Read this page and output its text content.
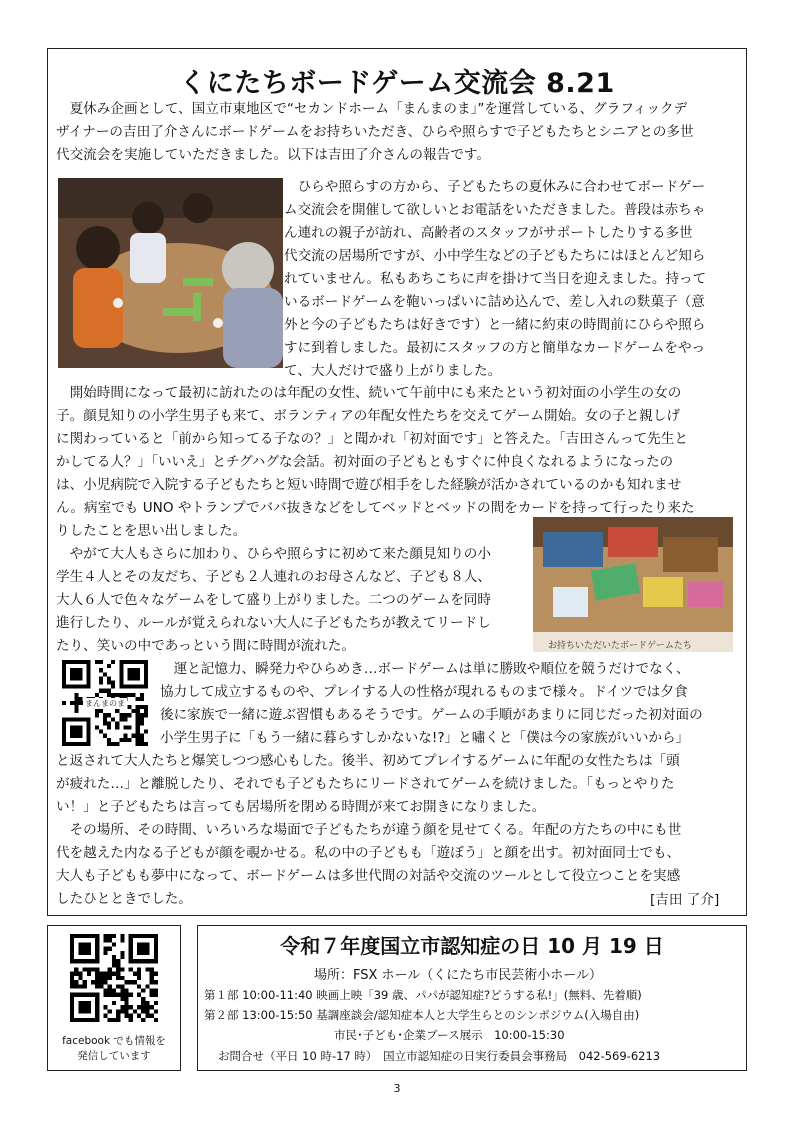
くにたちボードゲーム交流会 8.21

　夏休み企画として、国立市東地区で“セカンドホーム「まんまのま」”を運営している、グラフィックデ
ザイナーの吉田了介さんにボードゲームをお持ちいただき、ひらや照らすで子どもたちとシニアとの多世
代交流会を実施していただきました。以下は吉田了介さんの報告です。

　ひらや照らすの方から、子どもたちの夏休みに合わせてボードゲー
ム交流会を開催して欲しいとお電話をいただきました。普段は赤ちゃ
ん連れの親子が訪れ、高齢者のスタッフがサポートしたりする多世
代交流の居場所ですが、小中学生などの子どもたちにはほとんど知ら
れていません。私もあちこちに声を掛けて当日を迎えました。持って
いるボードゲームを鞄いっぱいに詰め込んで、差し入れの麩菓子（意
外と今の子どもたちは好きです）と一緒に約束の時間前にひらや照ら
すに到着しました。最初にスタッフの方と簡単なカードゲームをやっ
て、大人だけで盛り上がりました。

　開始時間になって最初に訪れたのは年配の女性、続いて午前中にも来たという初対面の小学生の女の
子。顔見知りの小学生男子も来て、ボランティアの年配女性たちを交えてゲーム開始。女の子と親しげ
に関わっていると「前から知ってる子なの？」と聞かれ「初対面です」と答えた。「吉田さんって先生と
かしてる人？」「いいえ」とチグハグな会話。初対面の子どもともすぐに仲良くなれるようになったの
は、小児病院で入院する子どもたちと短い時間で遊び相手をした経験が活かされているのかも知れませ
ん。病室でも UNO やトランプでババ抜きなどをしてベッドとベッドの間をカードを持って行ったり来た
りしたことを思い出しました。

　やがて大人もさらに加わり、ひらや照らすに初めて来た顔見知りの小
学生４人とその友だち、子ども２人連れのお母さんなど、子ども８人、
大人６人で色々なゲームをして盛り上がりました。二つのゲームを同時
進行したり、ルールが覚えられない大人に子どもたちが教えてリードし
たり、笑いの中であっという間に時間が流れた。	お持ちいただいたボードゲームたち
まんまのま

　運と記憶力、瞬発力やひらめき…ボードゲームは単に勝敗や順位を競うだけでなく、
協力して成立するものや、プレイする人の性格が現れるものまで様々。ドイツでは夕食
後に家族で一緒に遊ぶ習慣もあるそうです。ゲームの手順があまりに同じだった初対面の
小学生男子に「もう一緒に暮らすしかないな!?」と嘯くと「僕は今の家族がいいから」

と返されて大人たちと爆笑しつつ感心もした。後半、初めてプレイするゲームに年配の女性たちは「頭
が疲れた…」と離脱したり、それでも子どもたちにリードされてゲームを続けました。「もっとやりた
い！」と子どもたちは言っても居場所を閉める時間が来てお開きになりました。

　その場所、その時間、いろいろな場面で子どもたちが違う顔を見せてくる。年配の方たちの中にも世
代を越えた内なる子どもが顔を覗かせる。私の中の子どもも「遊ぼう」と顔を出す。初対面同士でも、
大人も子どもも夢中になって、ボードゲームは多世代間の対話や交流のツールとして役立つことを実感
したひとときでした。	[吉田 了介]
facebook でも情報を
発信しています
令和７年度国立市認知症の日 10 月 19 日
場所：FSX ホール（くにたち市民芸術小ホール）
第１部 10:00-11:40 映画上映「39 歳、パパが認知症?どうする私!」(無料、先着順)
第２部 13:00-15:50 基調座談会/認知症本人と大学生らとのシンポジウム(入場自由)
市民･子ども･企業ブース展示　10:00-15:30
お問合せ（平日 10 時-17 時）　国立市認知症の日実行委員会事務局　042-569-6213
3
